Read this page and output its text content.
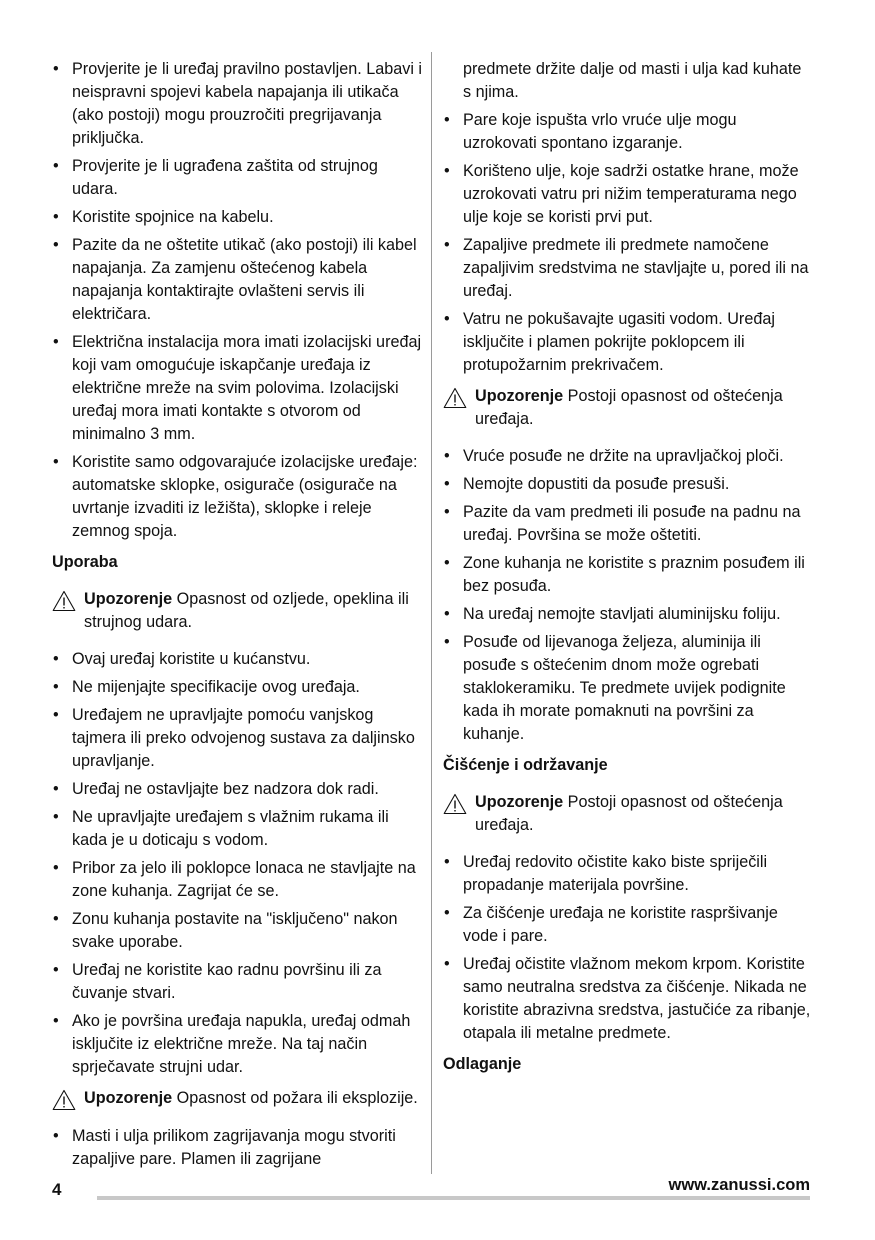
• Provjerite je li uređaj pravilno postavljen. Labavi i neispravni spojevi kabela napajanja ili utikača (ako postoji) mogu prouzročiti pregrijavanja priključka.
• Provjerite je li ugrađena zaštita od strujnog udara.
• Koristite spojnice na kabelu.
• Pazite da ne oštetite utikač (ako postoji) ili kabel napajanja. Za zamjenu oštećenog kabela napajanja kontaktirajte ovlašteni servis ili električara.
• Električna instalacija mora imati izolacijski uređaj koji vam omogućuje iskapčanje uređaja iz električne mreže na svim polovima. Izolacijski uređaj mora imati kontakte s otvorom od minimalno 3 mm.
• Koristite samo odgovarajuće izolacijske uređaje: automatske sklopke, osigurače (osigurače na uvrtanje izvaditi iz ležišta), sklopke i releje zemnog spoja.
Uporaba
Upozorenje Opasnost od ozljede, opeklina ili strujnog udara.
• Ovaj uređaj koristite u kućanstvu.
• Ne mijenjajte specifikacije ovog uređaja.
• Uređajem ne upravljajte pomoću vanjskog tajmera ili preko odvojenog sustava za daljinsko upravljanje.
• Uređaj ne ostavljajte bez nadzora dok radi.
• Ne upravljajte uređajem s vlažnim rukama ili kada je u doticaju s vodom.
• Pribor za jelo ili poklopce lonaca ne stavljajte na zone kuhanja. Zagrijat će se.
• Zonu kuhanja postavite na "isključeno" nakon svake uporabe.
• Uređaj ne koristite kao radnu površinu ili za čuvanje stvari.
• Ako je površina uređaja napukla, uređaj odmah isključite iz električne mreže. Na taj način sprječavate strujni udar.
Upozorenje Opasnost od požara ili eksplozije.
• Masti i ulja prilikom zagrijavanja mogu stvoriti zapaljive pare. Plamen ili zagrijane
predmete držite dalje od masti i ulja kad kuhate s njima.
• Pare koje ispušta vrlo vruće ulje mogu uzrokovati spontano izgaranje.
• Korišteno ulje, koje sadrži ostatke hrane, može uzrokovati vatru pri nižim temperaturama nego ulje koje se koristi prvi put.
• Zapaljive predmete ili predmete namočene zapaljivim sredstvima ne stavljajte u, pored ili na uređaj.
• Vatru ne pokušavajte ugasiti vodom. Uređaj isključite i plamen pokrijte poklopcem ili protupožarnim prekrivačem.
Upozorenje Postoji opasnost od oštećenja uređaja.
• Vruće posuđe ne držite na upravljačkoj ploči.
• Nemojte dopustiti da posuđe presuši.
• Pazite da vam predmeti ili posuđe na padnu na uređaj. Površina se može oštetiti.
• Zone kuhanja ne koristite s praznim posuđem ili bez posuđa.
• Na uređaj nemojte stavljati aluminijsku foliju.
• Posuđe od lijevanoga željeza, aluminija ili posuđe s oštećenim dnom može ogrebati staklokeramiku. Te predmete uvijek podignite kada ih morate pomaknuti na površini za kuhanje.
Čišćenje i održavanje
Upozorenje Postoji opasnost od oštećenja uređaja.
• Uređaj redovito očistite kako biste spriječili propadanje materijala površine.
• Za čišćenje uređaja ne koristite raspršivanje vode i pare.
• Uređaj očistite vlažnom mekom krpom. Koristite samo neutralna sredstva za čišćenje. Nikada ne koristite abrazivna sredstva, jastučiće za ribanje, otapala ili metalne predmete.
Odlaganje
4	www.zanussi.com
